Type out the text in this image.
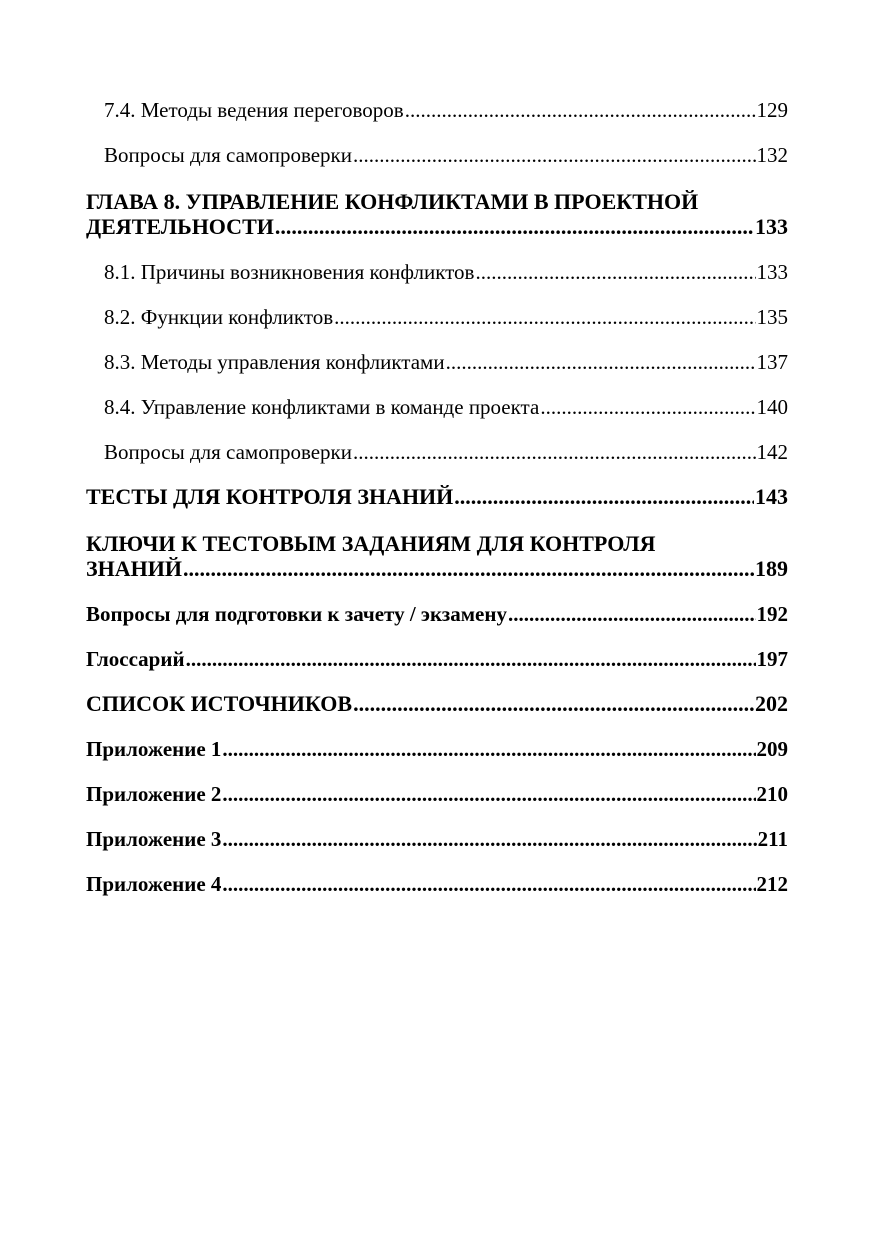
7.4. Методы ведения переговоров .....	129
Вопросы для самопроверки .....	132
ГЛАВА 8. УПРАВЛЕНИЕ КОНФЛИКТАМИ В ПРОЕКТНОЙ
ДЕЯТЕЛЬНОСТИ .....	133
8.1. Причины возникновения конфликтов .....	133
8.2. Функции конфликтов .....	135
8.3. Методы управления конфликтами .....	137
8.4. Управление конфликтами в команде проекта .....	140
Вопросы для самопроверки .....	142
ТЕСТЫ ДЛЯ КОНТРОЛЯ ЗНАНИЙ .....	143
КЛЮЧИ К ТЕСТОВЫМ ЗАДАНИЯМ ДЛЯ КОНТРОЛЯ
ЗНАНИЙ .....	189
Вопросы для подготовки к зачету / экзамену .....	192
Глоссарий .....	197
СПИСОК ИСТОЧНИКОВ .....	202
Приложение 1 .....	209
Приложение 2 .....	210
Приложение 3 .....	211
Приложение 4 .....	212
